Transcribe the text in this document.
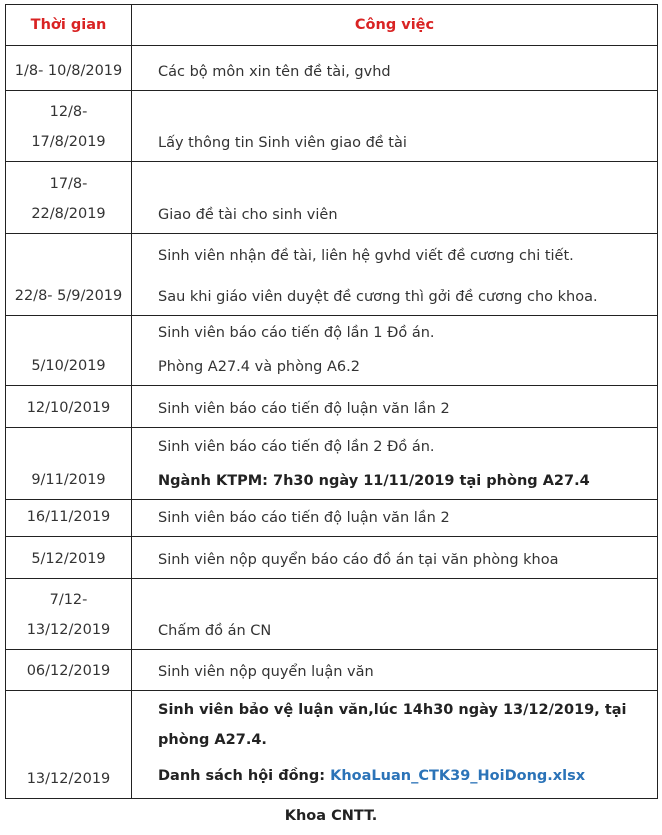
Thời gian	Công việc
1/8- 10/8/2019	Các bộ môn xin tên đề tài, gvhd

12/8-
17/8/2019	Lấy thông tin Sinh viên giao đề tài

17/8-
22/8/2019	Giao đề tài cho sinh viên

22/8- 5/9/2019	Sinh viên nhận đề tài, liên hệ gvhd viết đề cương chi tiết.

Sau khi giáo viên duyệt đề cương thì gởi đề cương cho khoa.

5/10/2019	Sinh viên báo cáo tiến độ lần 1 Đồ án.

Phòng A27.4 và phòng A6.2

12/10/2019	Sinh viên báo cáo tiến độ luận văn lần 2

9/11/2019	Sinh viên báo cáo tiến độ lần 2 Đồ án.

Ngành KTPM: 7h30 ngày 11/11/2019 tại phòng A27.4

16/11/2019	Sinh viên báo cáo tiến độ luận văn lần 2

5/12/2019	Sinh viên nộp quyển báo cáo đồ án tại văn phòng khoa

7/12-
13/12/2019	Chấm đồ án CN

06/12/2019	Sinh viên nộp quyển luận văn

13/12/2019	Sinh viên bảo vệ luận văn,lúc 14h30 ngày 13/12/2019, tại phòng A27.4.

Danh sách hội đồng: KhoaLuan_CTK39_HoiDong.xlsx

Khoa CNTT.
